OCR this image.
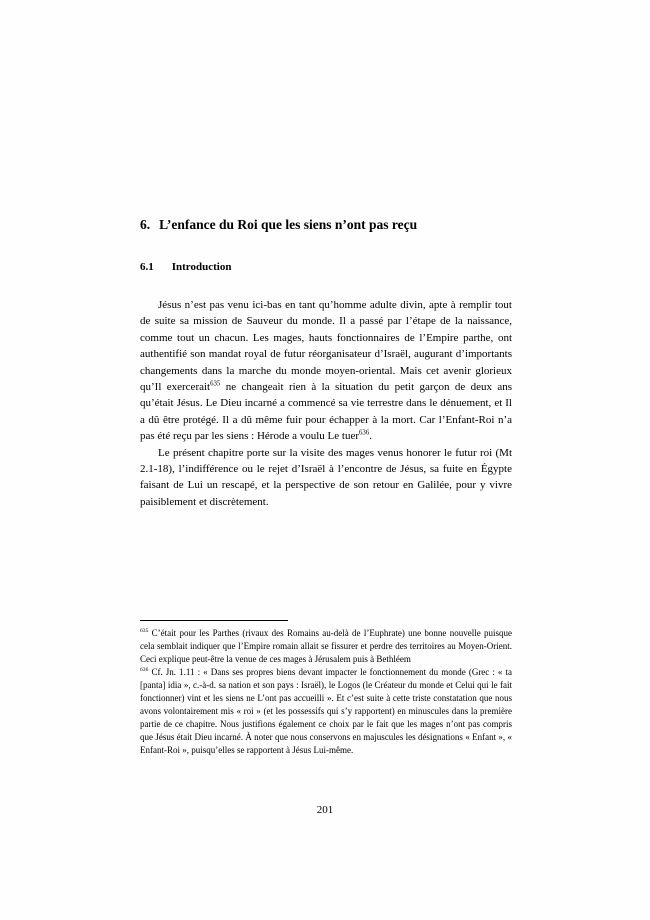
6. L’enfance du Roi que les siens n’ont pas reçu
6.1 Introduction

Jésus n’est pas venu ici-bas en tant qu’homme adulte divin, apte à remplir tout de suite sa mission de Sauveur du monde. Il a passé par l’étape de la naissance, comme tout un chacun. Les mages, hauts fonctionnaires de l’Empire parthe, ont authentifié son mandat royal de futur réorganisateur d’Israël, augurant d’importants changements dans la marche du monde moyen-oriental. Mais cet avenir glorieux qu’Il exercerait$^{635}$ ne changeait rien à la situation du petit garçon de deux ans qu’était Jésus. Le Dieu incarné a commencé sa vie terrestre dans le dénuement, et Il a dû être protégé. Il a dû même fuir pour échapper à la mort. Car l’Enfant-Roi n’a pas été reçu par les siens : Hérode a voulu Le tuer$^{636}$.

Le présent chapitre porte sur la visite des mages venus honorer le futur roi (Mt 2.1-18), l’indifférence ou le rejet d’Israël à l’encontre de Jésus, sa fuite en Égypte faisant de Lui un rescapé, et la perspective de son retour en Galilée, pour y vivre paisiblement et discrètement.

$^{635}$ C’était pour les Parthes (rivaux des Romains au-delà de l’Euphrate) une bonne nouvelle puisque cela semblait indiquer que l’Empire romain allait se fissurer et perdre des territoires au Moyen-Orient. Ceci explique peut-être la venue de ces mages à Jérusalem puis à Bethléem

$^{636}$ Cf. Jn. 1.11 : « Dans ses propres biens devant impacter le fonctionnement du monde (Grec : « ta [panta] idia », c.-à-d. sa nation et son pays : Israël), le Logos (le Créateur du monde et Celui qui le fait fonctionner) vint et les siens ne L’ont pas accueilli ». Et c’est suite à cette triste constatation que nous avons volontairement mis « roi » (et les possessifs qui s’y rapportent) en minuscules dans la première partie de ce chapitre. Nous justifions également ce choix par le fait que les mages n’ont pas compris que Jésus était Dieu incarné. À noter que nous conservons en majuscules les désignations « Enfant », « Enfant-Roi », puisqu’elles se rapportent à Jésus Lui-même.

201
